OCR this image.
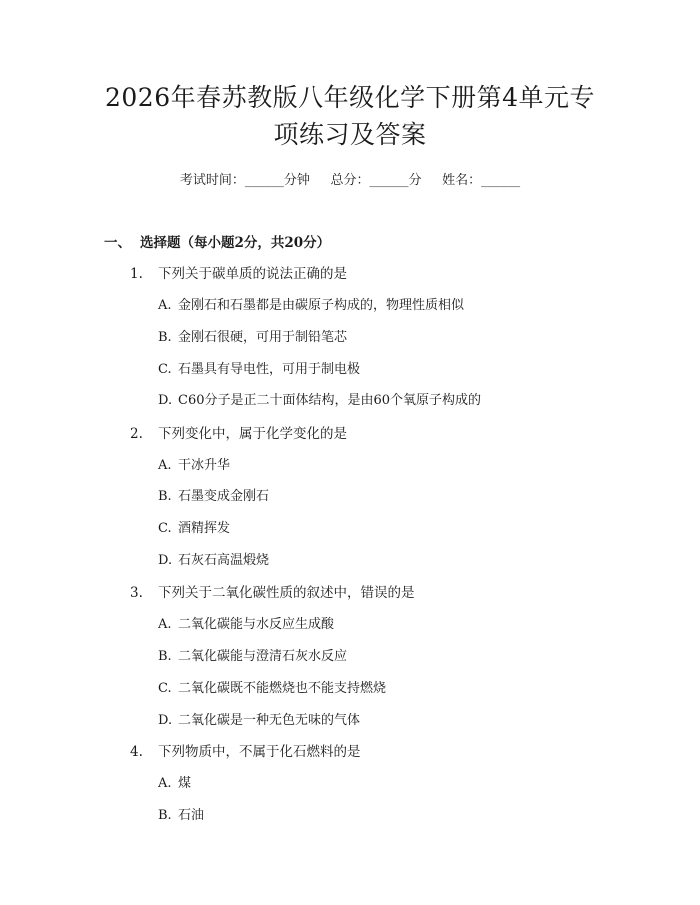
2026年春苏教版八年级化学下册第4单元专
项练习及答案
考试时间：______分钟     总分：______分     姓名：______
一、 选择题（每小题2分，共20分）
1. 下列关于碳单质的说法正确的是
A. 金刚石和石墨都是由碳原子构成的，物理性质相似
B. 金刚石很硬，可用于制铅笔芯
C. 石墨具有导电性，可用于制电极
D. C60分子是正二十面体结构，是由60个氧原子构成的
2. 下列变化中，属于化学变化的是
A. 干冰升华
B. 石墨变成金刚石
C. 酒精挥发
D. 石灰石高温煅烧
3. 下列关于二氧化碳性质的叙述中，错误的是
A. 二氧化碳能与水反应生成酸
B. 二氧化碳能与澄清石灰水反应
C. 二氧化碳既不能燃烧也不能支持燃烧
D. 二氧化碳是一种无色无味的气体
4. 下列物质中，不属于化石燃料的是
A. 煤
B. 石油
